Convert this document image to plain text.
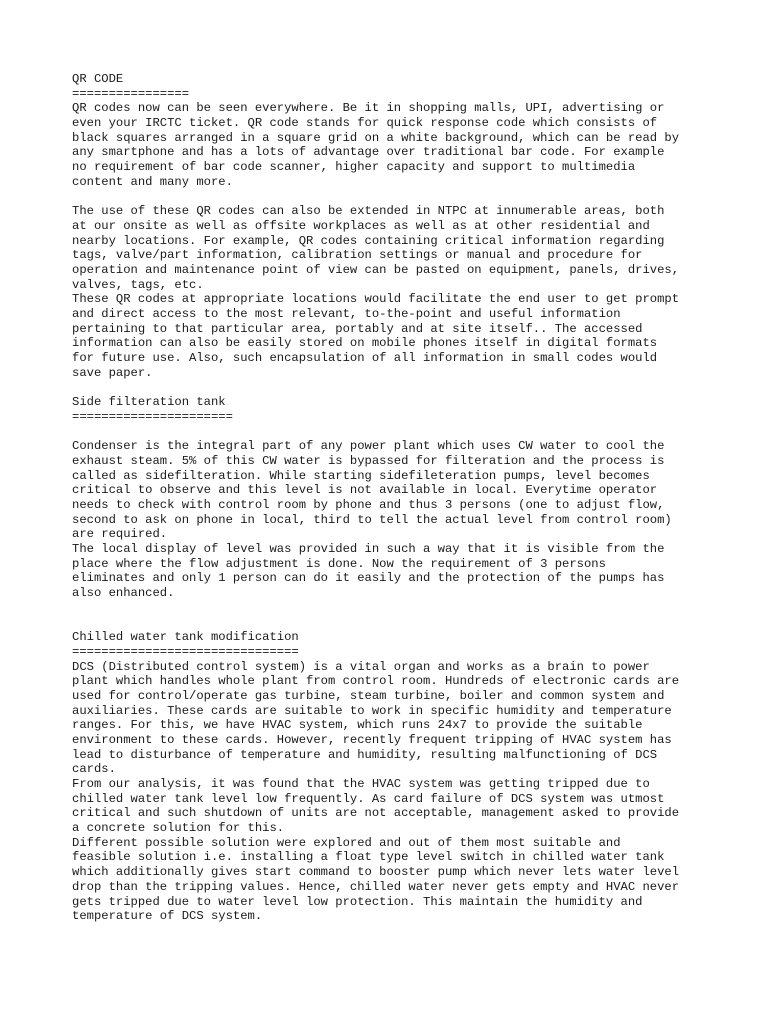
QR CODE
================
QR codes now can be seen everywhere. Be it in shopping malls, UPI, advertising or
even your IRCTC ticket. QR code stands for quick response code which consists of
black squares arranged in a square grid on a white background, which can be read by
any smartphone and has a lots of advantage over traditional bar code. For example
no requirement of bar code scanner, higher capacity and support to multimedia
content and many more.
The use of these QR codes can also be extended in NTPC at innumerable areas, both
at our onsite as well as offsite workplaces as well as at other residential and
nearby locations. For example, QR codes containing critical information regarding
tags, valve/part information, calibration settings or manual and procedure for
operation and maintenance point of view can be pasted on equipment, panels, drives,
valves, tags, etc.
These QR codes at appropriate locations would facilitate the end user to get prompt
and direct access to the most relevant, to-the-point and useful information
pertaining to that particular area, portably and at site itself.. The accessed
information can also be easily stored on mobile phones itself in digital formats
for future use. Also, such encapsulation of all information in small codes would
save paper.
Side filteration tank
======================
Condenser is the integral part of any power plant which uses CW water to cool the
exhaust steam. 5% of this CW water is bypassed for filteration and the process is
called as sidefilteration. While starting sidefileteration pumps, level becomes
critical to observe and this level is not available in local. Everytime operator
needs to check with control room by phone and thus 3 persons (one to adjust flow,
second to ask on phone in local, third to tell the actual level from control room)
are required.
The local display of level was provided in such a way that it is visible from the
place where the flow adjustment is done. Now the requirement of 3 persons
eliminates and only 1 person can do it easily and the protection of the pumps has
also enhanced.
Chilled water tank modification
===============================
DCS (Distributed control system) is a vital organ and works as a brain to power
plant which handles whole plant from control room. Hundreds of electronic cards are
used for control/operate gas turbine, steam turbine, boiler and common system and
auxiliaries. These cards are suitable to work in specific humidity and temperature
ranges. For this, we have HVAC system, which runs 24x7 to provide the suitable
environment to these cards. However, recently frequent tripping of HVAC system has
lead to disturbance of temperature and humidity, resulting malfunctioning of DCS
cards.
From our analysis, it was found that the HVAC system was getting tripped due to
chilled water tank level low frequently. As card failure of DCS system was utmost
critical and such shutdown of units are not acceptable, management asked to provide
a concrete solution for this.
Different possible solution were explored and out of them most suitable and
feasible solution i.e. installing a float type level switch in chilled water tank
which additionally gives start command to booster pump which never lets water level
drop than the tripping values. Hence, chilled water never gets empty and HVAC never
gets tripped due to water level low protection. This maintain the humidity and
temperature of DCS system.
